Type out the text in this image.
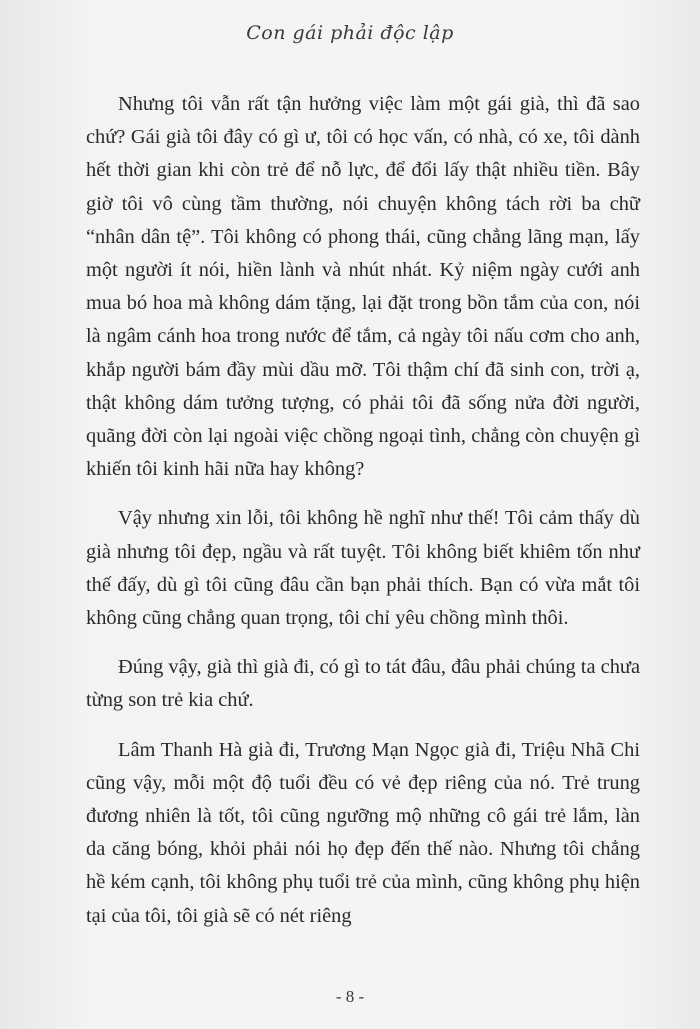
Con gái phải độc lập

Nhưng tôi vẫn rất tận hưởng việc làm một gái già, thì đã sao chứ? Gái già tôi đây có gì ư, tôi có học vấn, có nhà, có xe, tôi dành hết thời gian khi còn trẻ để nỗ lực, để đổi lấy thật nhiều tiền. Bây giờ tôi vô cùng tầm thường, nói chuyện không tách rời ba chữ “nhân dân tệ”. Tôi không có phong thái, cũng chẳng lãng mạn, lấy một người ít nói, hiền lành và nhút nhát. Kỷ niệm ngày cưới anh mua bó hoa mà không dám tặng, lại đặt trong bồn tắm của con, nói là ngâm cánh hoa trong nước để tắm, cả ngày tôi nấu cơm cho anh, khắp người bám đầy mùi dầu mỡ. Tôi thậm chí đã sinh con, trời ạ, thật không dám tưởng tượng, có phải tôi đã sống nửa đời người, quãng đời còn lại ngoài việc chồng ngoại tình, chẳng còn chuyện gì khiến tôi kinh hãi nữa hay không?

Vậy nhưng xin lỗi, tôi không hề nghĩ như thế! Tôi cảm thấy dù già nhưng tôi đẹp, ngầu và rất tuyệt. Tôi không biết khiêm tốn như thế đấy, dù gì tôi cũng đâu cần bạn phải thích. Bạn có vừa mắt tôi không cũng chẳng quan trọng, tôi chỉ yêu chồng mình thôi.

Đúng vậy, già thì già đi, có gì to tát đâu, đâu phải chúng ta chưa từng son trẻ kia chứ.

Lâm Thanh Hà già đi, Trương Mạn Ngọc già đi, Triệu Nhã Chi cũng vậy, mỗi một độ tuổi đều có vẻ đẹp riêng của nó. Trẻ trung đương nhiên là tốt, tôi cũng ngưỡng mộ những cô gái trẻ lắm, làn da căng bóng, khỏi phải nói họ đẹp đến thế nào. Nhưng tôi chẳng hề kém cạnh, tôi không phụ tuổi trẻ của mình, cũng không phụ hiện tại của tôi, tôi già sẽ có nét riêng

- 8 -
